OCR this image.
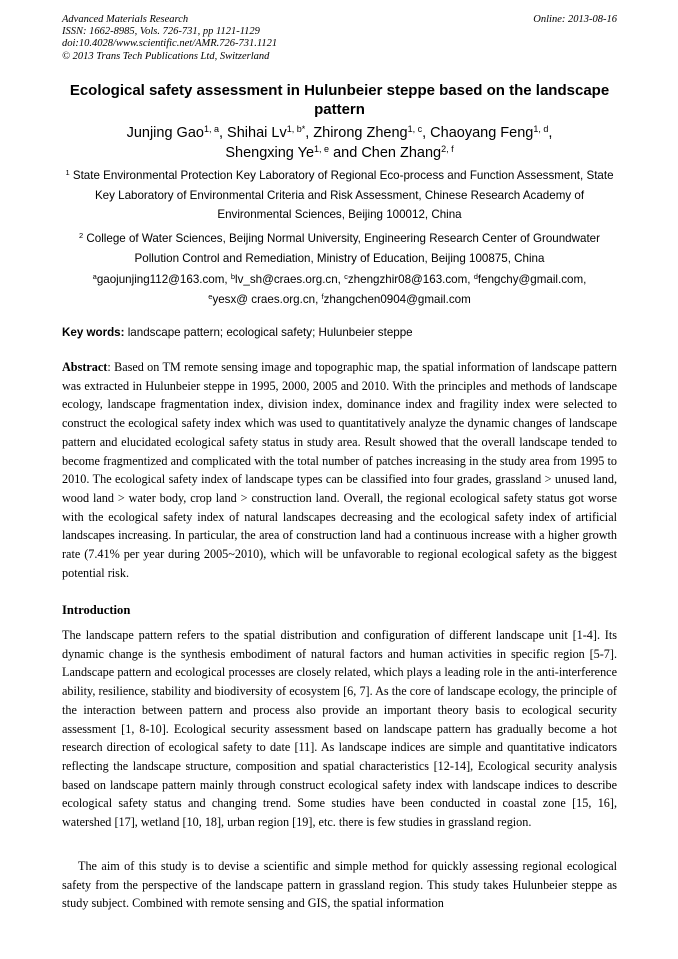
Advanced Materials Research
ISSN: 1662-8985, Vols. 726-731, pp 1121-1129
doi:10.4028/www.scientific.net/AMR.726-731.1121
© 2013 Trans Tech Publications Ltd, Switzerland
Online: 2013-08-16
Ecological safety assessment in Hulunbeier steppe based on the landscape pattern
Junjing Gao$^{1, a}$, Shihai $Lv^{1, b*}$, Zhirong Zheng$^{1, c}$, Chaoyang Feng$^{1, d}$,
Shengxing Ye$^{1, e}$ and Chen Zhang$^{2, f}$
$^1$ State Environmental Protection Key Laboratory of Regional Eco-process and Function Assessment, State Key Laboratory of Environmental Criteria and Risk Assessment, Chinese Research Academy of Environmental Sciences, Beijing 100012, China
$^2$ College of Water Sciences, Beijing Normal University, Engineering Research Center of Groundwater Pollution Control and Remediation, Ministry of Education, Beijing 100875, China
$^a$gaojunjing112@163.com, $^b$lv_sh@craes.org.cn, $^c$zhengzhir08@163.com, $^d$fengchy@gmail.com,
$^e$yesx@ craes.org.cn, $^f$zhangchen0904@gmail.com
Key words: landscape pattern; ecological safety; Hulunbeier steppe
Abstract: Based on TM remote sensing image and topographic map, the spatial information of landscape pattern was extracted in Hulunbeier steppe in 1995, 2000, 2005 and 2010. With the principles and methods of landscape ecology, landscape fragmentation index, division index, dominance index and fragility index were selected to construct the ecological safety index which was used to quantitatively analyze the dynamic changes of landscape pattern and elucidated ecological safety status in study area. Result showed that the overall landscape tended to become fragmentized and complicated with the total number of patches increasing in the study area from 1995 to 2010. The ecological safety index of landscape types can be classified into four grades, grassland > unused land, wood land > water body, crop land > construction land. Overall, the regional ecological safety status got worse with the ecological safety index of natural landscapes decreasing and the ecological safety index of artificial landscapes increasing. In particular, the area of construction land had a continuous increase with a higher growth rate (7.41% per year during 2005~2010), which will be unfavorable to regional ecological safety as the biggest potential risk.
Introduction
The landscape pattern refers to the spatial distribution and configuration of different landscape unit [1-4]. Its dynamic change is the synthesis embodiment of natural factors and human activities in specific region [5-7]. Landscape pattern and ecological processes are closely related, which plays a leading role in the anti-interference ability, resilience, stability and biodiversity of ecosystem [6, 7]. As the core of landscape ecology, the principle of the interaction between pattern and process also provide an important theory basis to ecological security assessment [1, 8-10]. Ecological security assessment based on landscape pattern has gradually become a hot research direction of ecological safety to date [11]. As landscape indices are simple and quantitative indicators reflecting the landscape structure, composition and spatial characteristics [12-14], Ecological security analysis based on landscape pattern mainly through construct ecological safety index with landscape indices to describe ecological safety status and changing trend. Some studies have been conducted in coastal zone [15, 16], watershed [17], wetland [10, 18], urban region [19], etc. there is few studies in grassland region.
The aim of this study is to devise a scientific and simple method for quickly assessing regional ecological safety from the perspective of the landscape pattern in grassland region. This study takes Hulunbeier steppe as study subject. Combined with remote sensing and GIS, the spatial information
